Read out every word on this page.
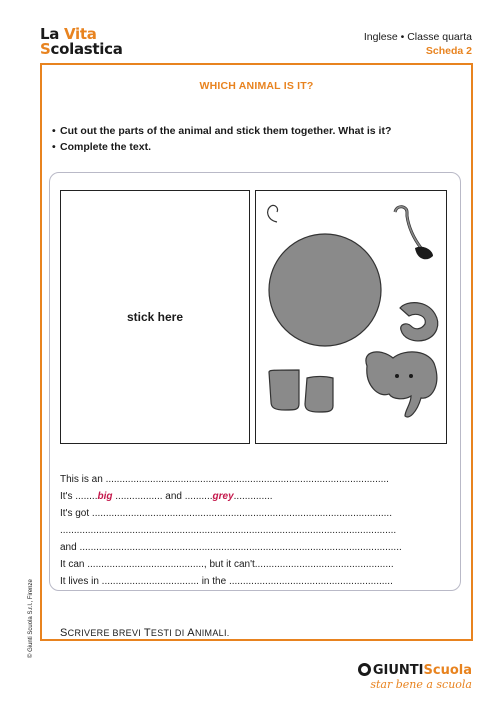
La Vita
Scolastica
Inglese • Classe quarta
Scheda 2
WHICH ANIMAL IS IT?
• Cut out the parts of the animal and stick them together. What is it?
• Complete the text.
stick here
This is an ......................................................................................................
It's ........big ................. and ..........grey..............
It's got ............................................................................................................
.........................................................................................................................
and ....................................................................................................................
It can .........................................., but it can't..................................................
It lives in ................................... in the ...........................................................
SCRIVERE BREVI TESTI DI ANIMALI.
© Giunti Scuola S.r.l., Firenze
GIUNTIScuola
star bene a scuola
